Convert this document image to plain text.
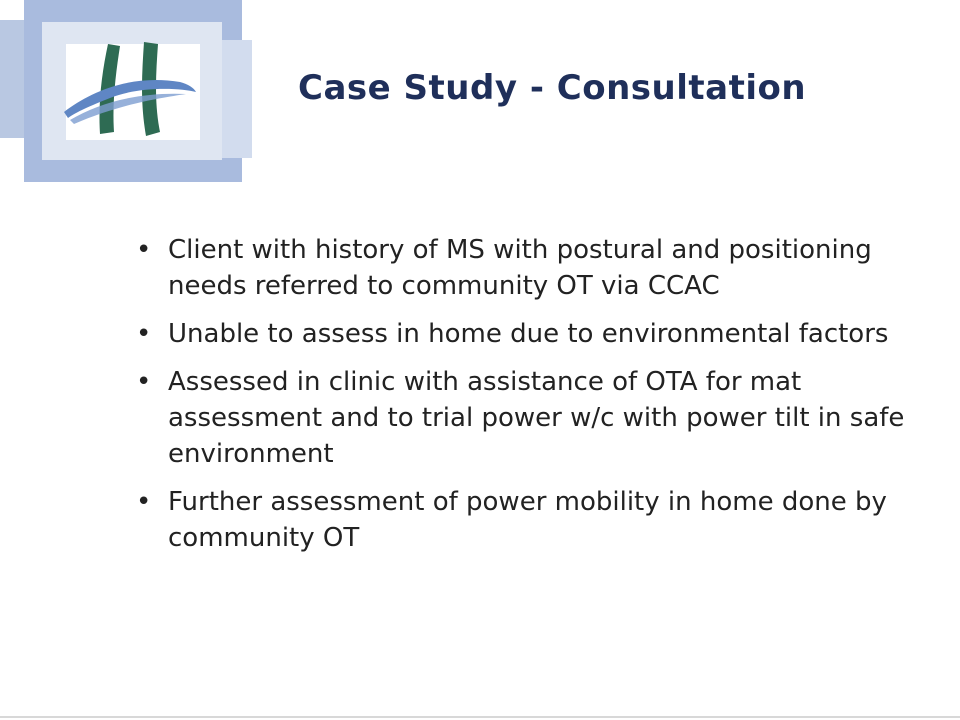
Case Study - Consultation
• Client with history of MS with postural and positioning needs referred to community OT via CCAC
• Unable to assess in home due to environmental factors
• Assessed in clinic with assistance of OTA for mat assessment and to trial power w/c with power tilt in safe environment
• Further assessment of power mobility in home done by community OT
